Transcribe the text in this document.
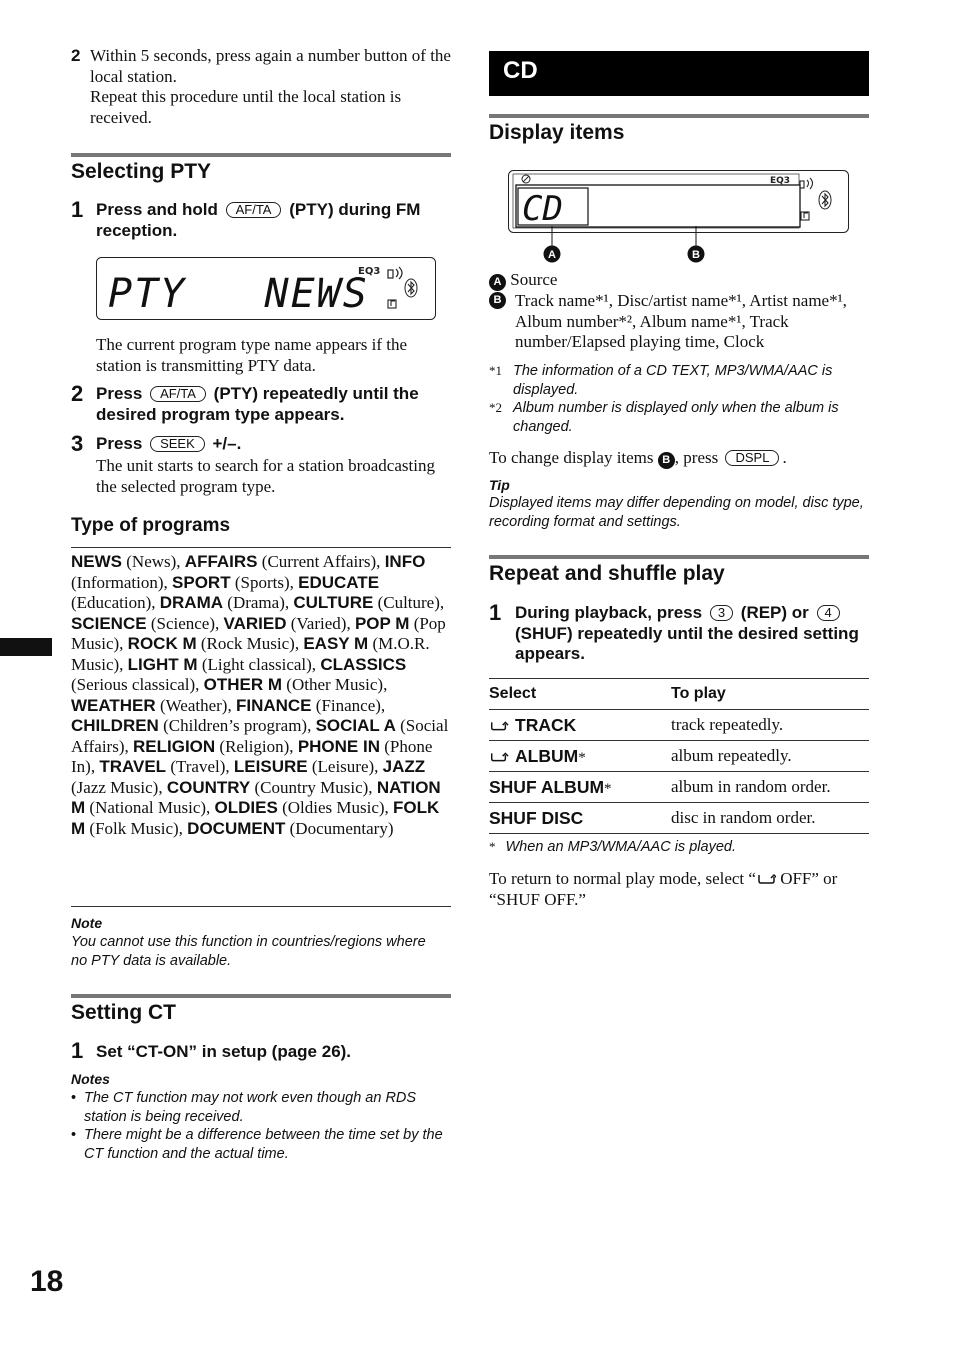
2 Within 5 seconds, press again a number button of the local station.
Repeat this procedure until the local station is received.
Selecting PTY
1 Press and hold AF/TA (PTY) during FM reception.
PTY   NEWS
EQ3
The current program type name appears if the station is transmitting PTY data.
2 Press AF/TA (PTY) repeatedly until the desired program type appears.
3 Press SEEK +/–.
The unit starts to search for a station broadcasting the selected program type.
Type of programs
NEWS (News), AFFAIRS (Current Affairs), INFO (Information), SPORT (Sports), EDUCATE (Education), DRAMA (Drama), CULTURE (Culture), SCIENCE (Science), VARIED (Varied), POP M (Pop Music), ROCK M (Rock Music), EASY M (M.O.R. Music), LIGHT M (Light classical), CLASSICS (Serious classical), OTHER M (Other Music), WEATHER (Weather), FINANCE (Finance), CHILDREN (Children’s program), SOCIAL A (Social Affairs), RELIGION (Religion), PHONE IN (Phone In), TRAVEL (Travel), LEISURE (Leisure), JAZZ (Jazz Music), COUNTRY (Country Music), NATION M (National Music), OLDIES (Oldies Music), FOLK M (Folk Music), DOCUMENT (Documentary)
Note
You cannot use this function in countries/regions where no PTY data is available.
Setting CT
1 Set “CT-ON” in setup (page 26).
Notes
• The CT function may not work even though an RDS station is being received.
• There might be a difference between the time set by the CT function and the actual time.
18
CD
Display items
CD
EQ3
A	B
A Source
B Track name*¹, Disc/artist name*¹, Artist name*¹, Album number*², Album name*¹, Track number/Elapsed playing time, Clock
*1 The information of a CD TEXT, MP3/WMA/AAC is displayed.
*2 Album number is displayed only when the album is changed.
To change display items B , press DSPL .
Tip
Displayed items may differ depending on model, disc type, recording format and settings.
Repeat and shuffle play
1 During playback, press 3 (REP) or 4 (SHUF) repeatedly until the desired setting appears.
Select	To play
TRACK	track repeatedly.
ALBUM*	album repeatedly.
SHUF ALBUM*	album in random order.
SHUF DISC	disc in random order.
* When an MP3/WMA/AAC is played.
To return to normal play mode, select “ OFF” or “SHUF OFF.”
